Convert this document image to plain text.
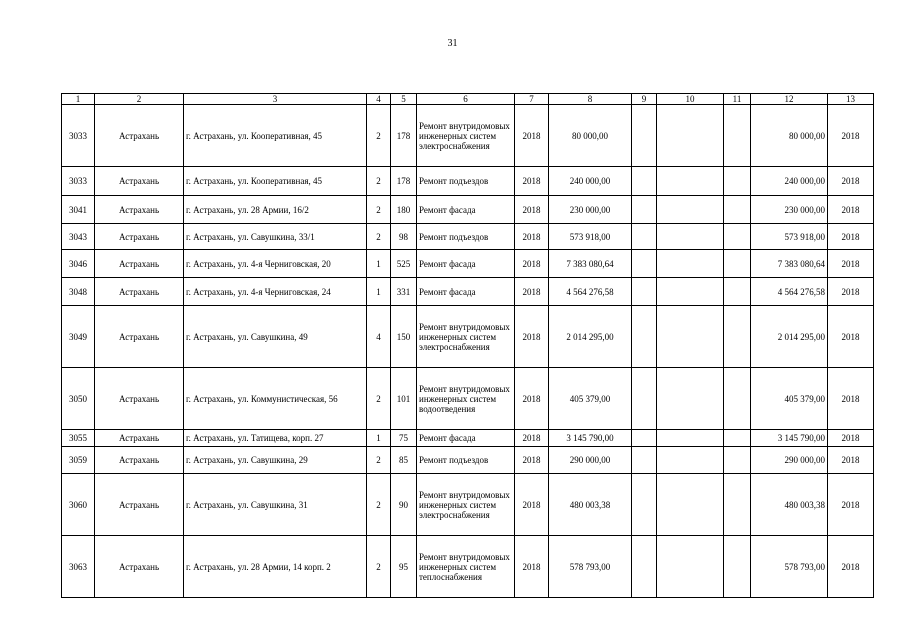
31
1	2	3	4	5	6	7	8	9	10	11	12	13
3033	Астрахань	г. Астрахань, ул. Кооперативная, 45	2	178	Ремонт внутридомовых инженерных систем электроснабжения	2018	80 000,00				80 000,00	2018
3033	Астрахань	г. Астрахань, ул. Кооперативная, 45	2	178	Ремонт подъездов	2018	240 000,00				240 000,00	2018
3041	Астрахань	г. Астрахань, ул. 28 Армии, 16/2	2	180	Ремонт фасада	2018	230 000,00				230 000,00	2018
3043	Астрахань	г. Астрахань, ул. Савушкина, 33/1	2	98	Ремонт подъездов	2018	573 918,00				573 918,00	2018
3046	Астрахань	г. Астрахань, ул. 4-я Черниговская, 20	1	525	Ремонт фасада	2018	7 383 080,64				7 383 080,64	2018
3048	Астрахань	г. Астрахань, ул. 4-я Черниговская, 24	1	331	Ремонт фасада	2018	4 564 276,58				4 564 276,58	2018
3049	Астрахань	г. Астрахань, ул. Савушкина, 49	4	150	Ремонт внутридомовых инженерных систем электроснабжения	2018	2 014 295,00				2 014 295,00	2018
3050	Астрахань	г. Астрахань, ул. Коммунистическая, 56	2	101	Ремонт внутридомовых инженерных систем водоотведения	2018	405 379,00				405 379,00	2018
3055	Астрахань	г. Астрахань, ул. Татищева, корп. 27	1	75	Ремонт фасада	2018	3 145 790,00				3 145 790,00	2018
3059	Астрахань	г. Астрахань, ул. Савушкина, 29	2	85	Ремонт подъездов	2018	290 000,00				290 000,00	2018
3060	Астрахань	г. Астрахань, ул. Савушкина, 31	2	90	Ремонт внутридомовых инженерных систем электроснабжения	2018	480 003,38				480 003,38	2018
3063	Астрахань	г. Астрахань, ул. 28 Армии, 14 корп. 2	2	95	Ремонт внутридомовых инженерных систем теплоснабжения	2018	578 793,00				578 793,00	2018
